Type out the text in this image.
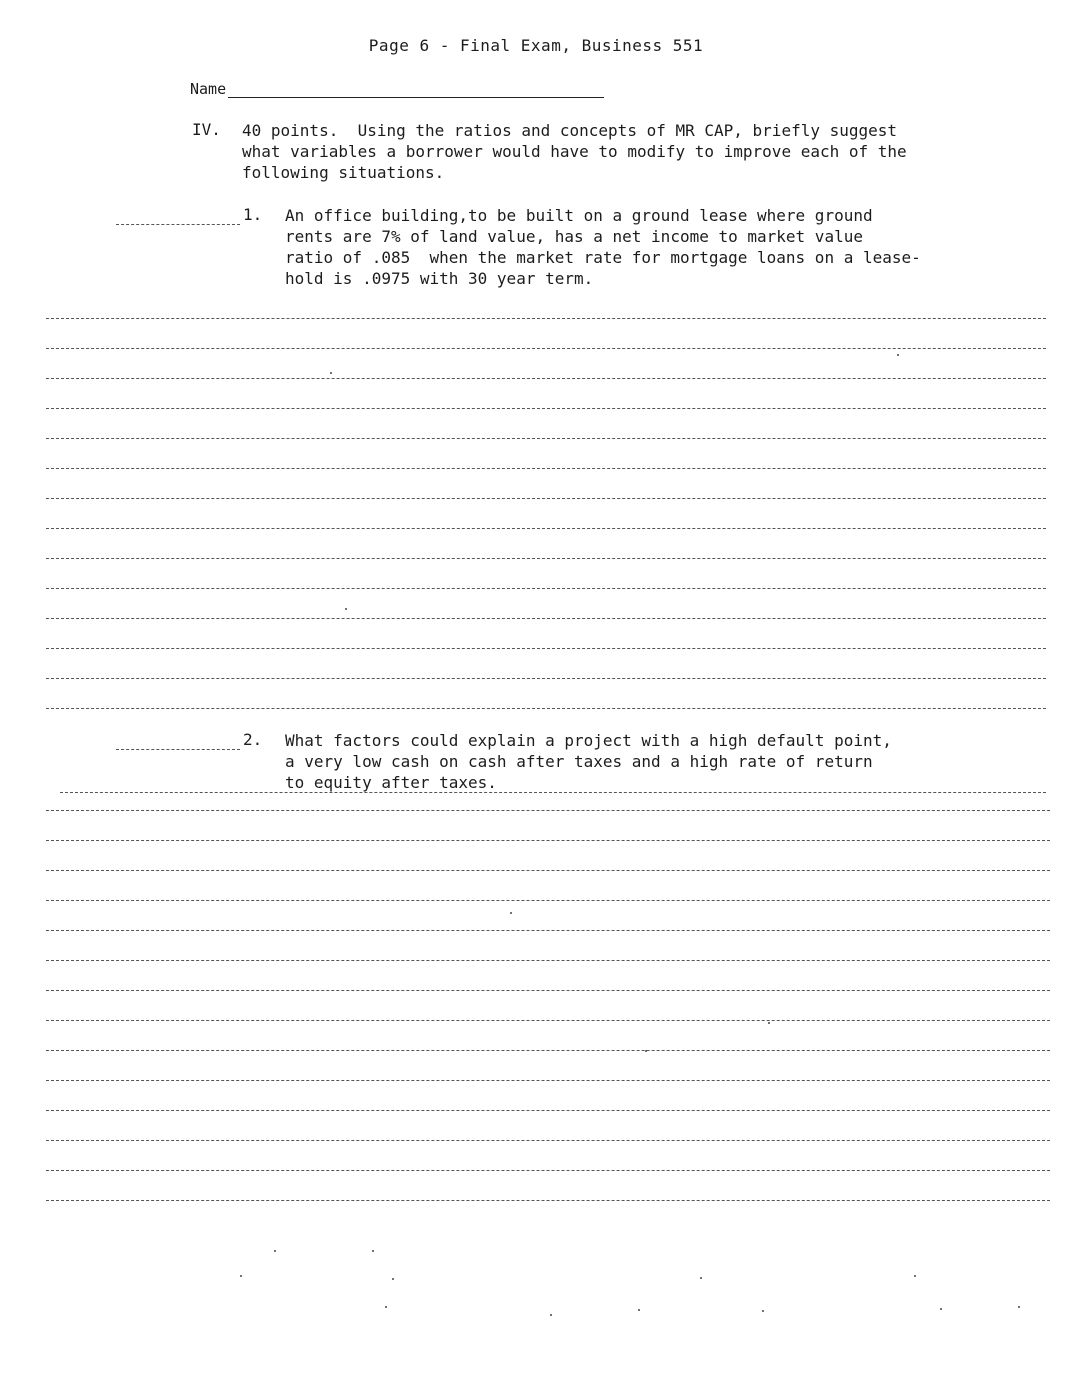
Page 6 - Final Exam, Business 551
Name
IV. 40 points.  Using the ratios and concepts of MR CAP, briefly suggest
what variables a borrower would have to modify to improve each of the
following situations.
1. An office building,to be built on a ground lease where ground
rents are 7% of land value, has a net income to market value
ratio of .085  when the market rate for mortgage loans on a lease-
hold is .0975 with 30 year term.
2. What factors could explain a project with a high default point,
a very low cash on cash after taxes and a high rate of return
to equity after taxes.
